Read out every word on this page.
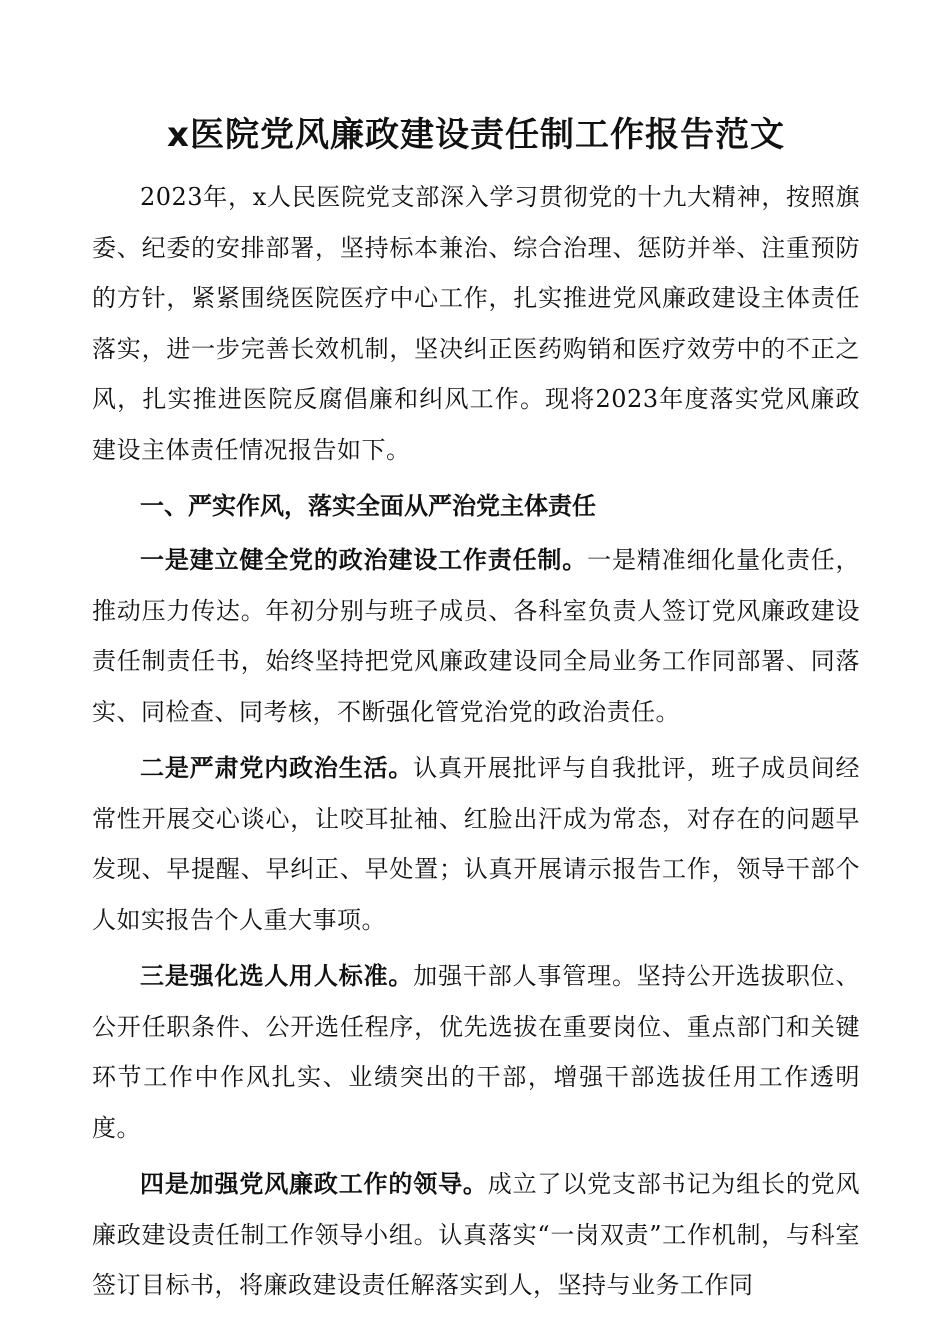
x医院党风廉政建设责任制工作报告范文

2023年，x人民医院党支部深入学习贯彻党的十九大精神，按照旗委、纪委的安排部署，坚持标本兼治、综合治理、惩防并举、注重预防的方针，紧紧围绕医院医疗中心工作，扎实推进党风廉政建设主体责任落实，进一步完善长效机制，坚决纠正医药购销和医疗效劳中的不正之风，扎实推进医院反腐倡廉和纠风工作。现将2023年度落实党风廉政建设主体责任情况报告如下。

一、严实作风，落实全面从严治党主体责任

一是建立健全党的政治建设工作责任制。一是精准细化量化责任，推动压力传达。年初分别与班子成员、各科室负责人签订党风廉政建设责任制责任书，始终坚持把党风廉政建设同全局业务工作同部署、同落实、同检查、同考核，不断强化管党治党的政治责任。

二是严肃党内政治生活。认真开展批评与自我批评，班子成员间经常性开展交心谈心，让咬耳扯袖、红脸出汗成为常态，对存在的问题早发现、早提醒、早纠正、早处置；认真开展请示报告工作，领导干部个人如实报告个人重大事项。

三是强化选人用人标准。加强干部人事管理。坚持公开选拔职位、公开任职条件、公开选任程序，优先选拔在重要岗位、重点部门和关键环节工作中作风扎实、业绩突出的干部，增强干部选拔任用工作透明度。

四是加强党风廉政工作的领导。成立了以党支部书记为组长的党风廉政建设责任制工作领导小组。认真落实“一岗双责”工作机制，与科室签订目标书，将廉政建设责任解落实到人，坚持与业务工作同
